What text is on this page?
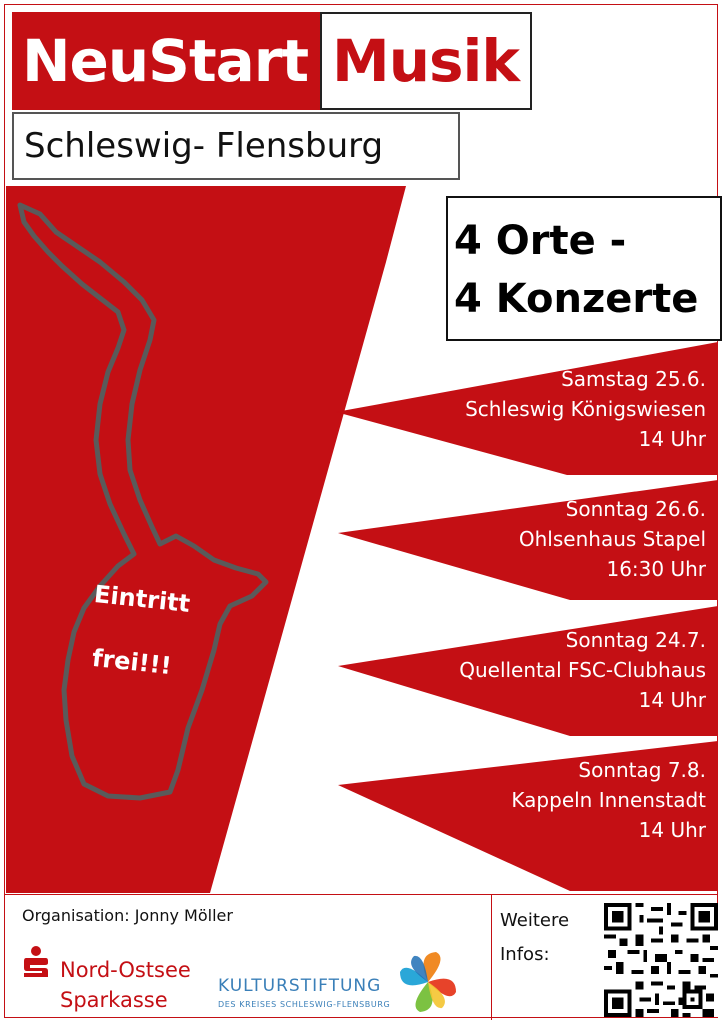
NeuStart Musik
Schleswig- Flensburg
4 Orte -
4 Konzerte
Eintritt
frei!!!
Samstag 25.6.
Schleswig Königswiesen
14 Uhr
Sonntag 26.6.
Ohlsenhaus Stapel
16:30 Uhr
Sonntag 24.7.
Quellental FSC-Clubhaus
14 Uhr
Sonntag 7.8.
Kappeln Innenstadt
14 Uhr
Organisation: Jonny Möller
Nord-Ostsee
Sparkasse
KULTURSTIFTUNG
DES KREISES SCHLESWIG-FLENSBURG
Weitere
Infos:
